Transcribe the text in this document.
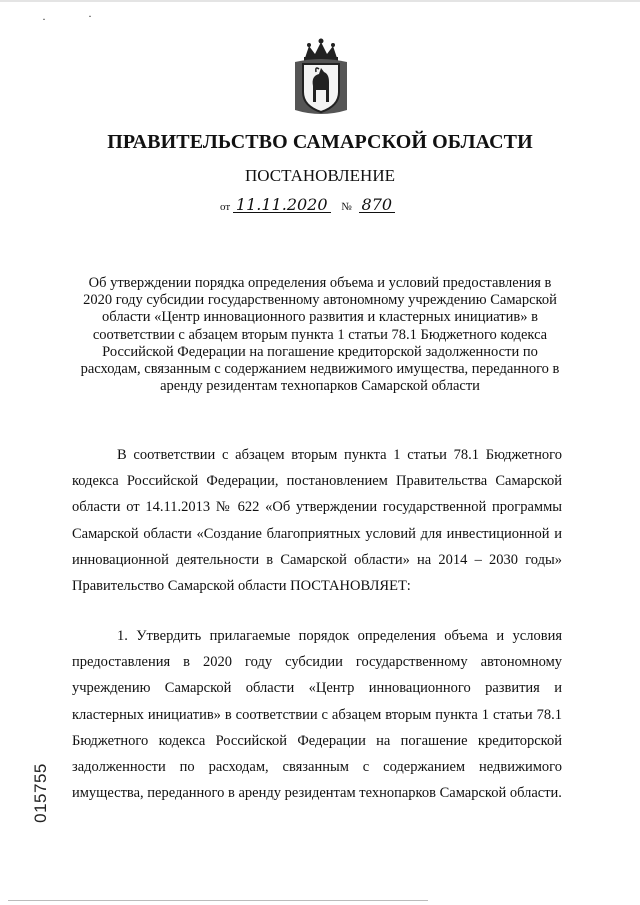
·	·
ПРАВИТЕЛЬСТВО САМАРСКОЙ ОБЛАСТИ
ПОСТАНОВЛЕНИЕ
от 11.11.2020 № 870
Об утверждении порядка определения объема и условий предоставления в 2020 году субсидии государственному автономному учреждению Самарской области «Центр инновационного развития и кластерных инициатив» в соответствии с абзацем вторым пункта 1 статьи 78.1 Бюджетного кодекса Российской Федерации на погашение кредиторской задолженности по расходам, связанным с содержанием недвижимого имущества, переданного в аренду резидентам технопарков Самарской области
В соответствии с абзацем вторым пункта 1 статьи 78.1 Бюджетного кодекса Российской Федерации, постановлением Правительства Самарской области от 14.11.2013 № 622 «Об утверждении государственной программы Самарской области «Создание благоприятных условий для инвестиционной и инновационной деятельности в Самарской области» на 2014 – 2030 годы» Правительство Самарской области ПОСТАНОВЛЯЕТ:
1. Утвердить прилагаемые порядок определения объема и условия предоставления в 2020 году субсидии государственному автономному учреждению Самарской области «Центр инновационного развития и кластерных инициатив» в соответствии с абзацем вторым пункта 1 статьи 78.1 Бюджетного кодекса Российской Федерации на погашение кредиторской задолженности по расходам, связанным с содержанием недвижимого имущества, переданного в аренду резидентам технопарков Самарской области.
015755
